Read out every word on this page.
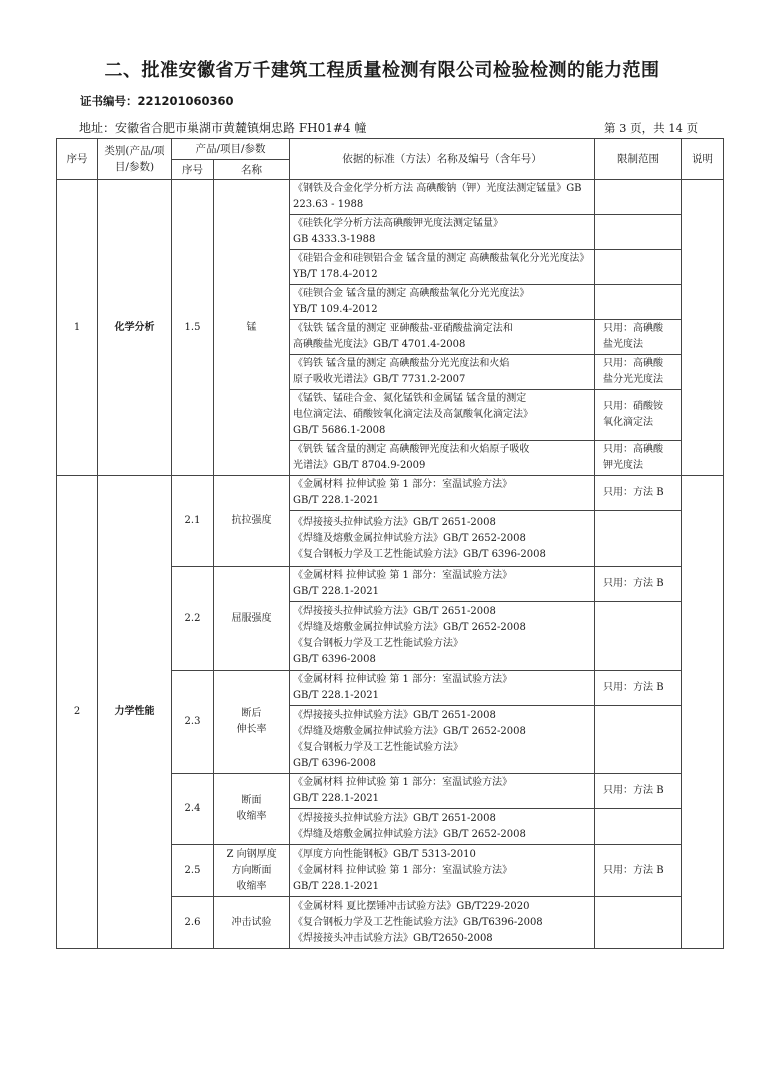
二、批准安徽省万千建筑工程质量检测有限公司检验检测的能力范围
证书编号：221201060360
地址：安徽省合肥市巢湖市黄麓镇炯忠路 FH01#4 幢	第 3 页，共 14 页
序号	类别(产品/项目/参数)	产品/项目/参数		依据的标准（方法）名称及编号（含年号）	限制范围	说明
		序号	名称			
1	化学分析	1.5	锰	《钢铁及合金化学分析方法 高碘酸钠（钾）光度法测定锰量》GB 223.63 - 1988		
				《硅铁化学分析方法高碘酸钾光度法测定锰量》
GB 4333.3-1988		
				《硅铝合金和硅钡铝合金 锰含量的测定 高碘酸盐氧化分光光度法》YB/T 178.4-2012		
				《硅钡合金 锰含量的测定 高碘酸盐氧化分光光度法》
YB/T 109.4-2012		
				《钛铁 锰含量的测定 亚砷酸盐-亚硝酸盐滴定法和
高碘酸盐光度法》GB/T 4701.4-2008	只用：高碘酸
盐光度法	
				《钨铁 锰含量的测定 高碘酸盐分光光度法和火焰
原子吸收光谱法》GB/T 7731.2-2007	只用：高碘酸
盐分光光度法	
				《锰铁、锰硅合金、氮化锰铁和金属锰 锰含量的测定
电位滴定法、硝酸铵氧化滴定法及高氯酸氧化滴定法》
GB/T 5686.1-2008	只用：硝酸铵
氧化滴定法	
				《钒铁 锰含量的测定 高碘酸钾光度法和火焰原子吸收
光谱法》GB/T 8704.9-2009	只用：高碘酸
钾光度法	
2	力学性能	2.1	抗拉强度	《金属材料 拉伸试验 第 1 部分：室温试验方法》
GB/T 228.1-2021	只用：方法 B	
				《焊接接头拉伸试验方法》GB/T 2651-2008
《焊缝及熔敷金属拉伸试验方法》GB/T 2652-2008
《复合钢板力学及工艺性能试验方法》GB/T 6396-2008		
		2.2	屈服强度	《金属材料 拉伸试验 第 1 部分：室温试验方法》
GB/T 228.1-2021	只用：方法 B	
				《焊接接头拉伸试验方法》GB/T 2651-2008
《焊缝及熔敷金属拉伸试验方法》GB/T 2652-2008
《复合钢板力学及工艺性能试验方法》
GB/T 6396-2008		
		2.3	断后
伸长率	《金属材料 拉伸试验 第 1 部分：室温试验方法》
GB/T 228.1-2021	只用：方法 B	
				《焊接接头拉伸试验方法》GB/T 2651-2008
《焊缝及熔敷金属拉伸试验方法》GB/T 2652-2008
《复合钢板力学及工艺性能试验方法》
GB/T 6396-2008		
		2.4	断面
收缩率	《金属材料 拉伸试验 第 1 部分：室温试验方法》
GB/T 228.1-2021	只用：方法 B	
				《焊接接头拉伸试验方法》GB/T 2651-2008
《焊缝及熔敷金属拉伸试验方法》GB/T 2652-2008		
		2.5	Z 向钢厚度
方向断面
收缩率	《厚度方向性能钢板》GB/T 5313-2010
《金属材料 拉伸试验 第 1 部分：室温试验方法》
GB/T 228.1-2021	只用：方法 B	
		2.6	冲击试验	《金属材料 夏比摆锤冲击试验方法》GB/T229-2020
《复合钢板力学及工艺性能试验方法》GB/T6396-2008
《焊接接头冲击试验方法》GB/T2650-2008		
